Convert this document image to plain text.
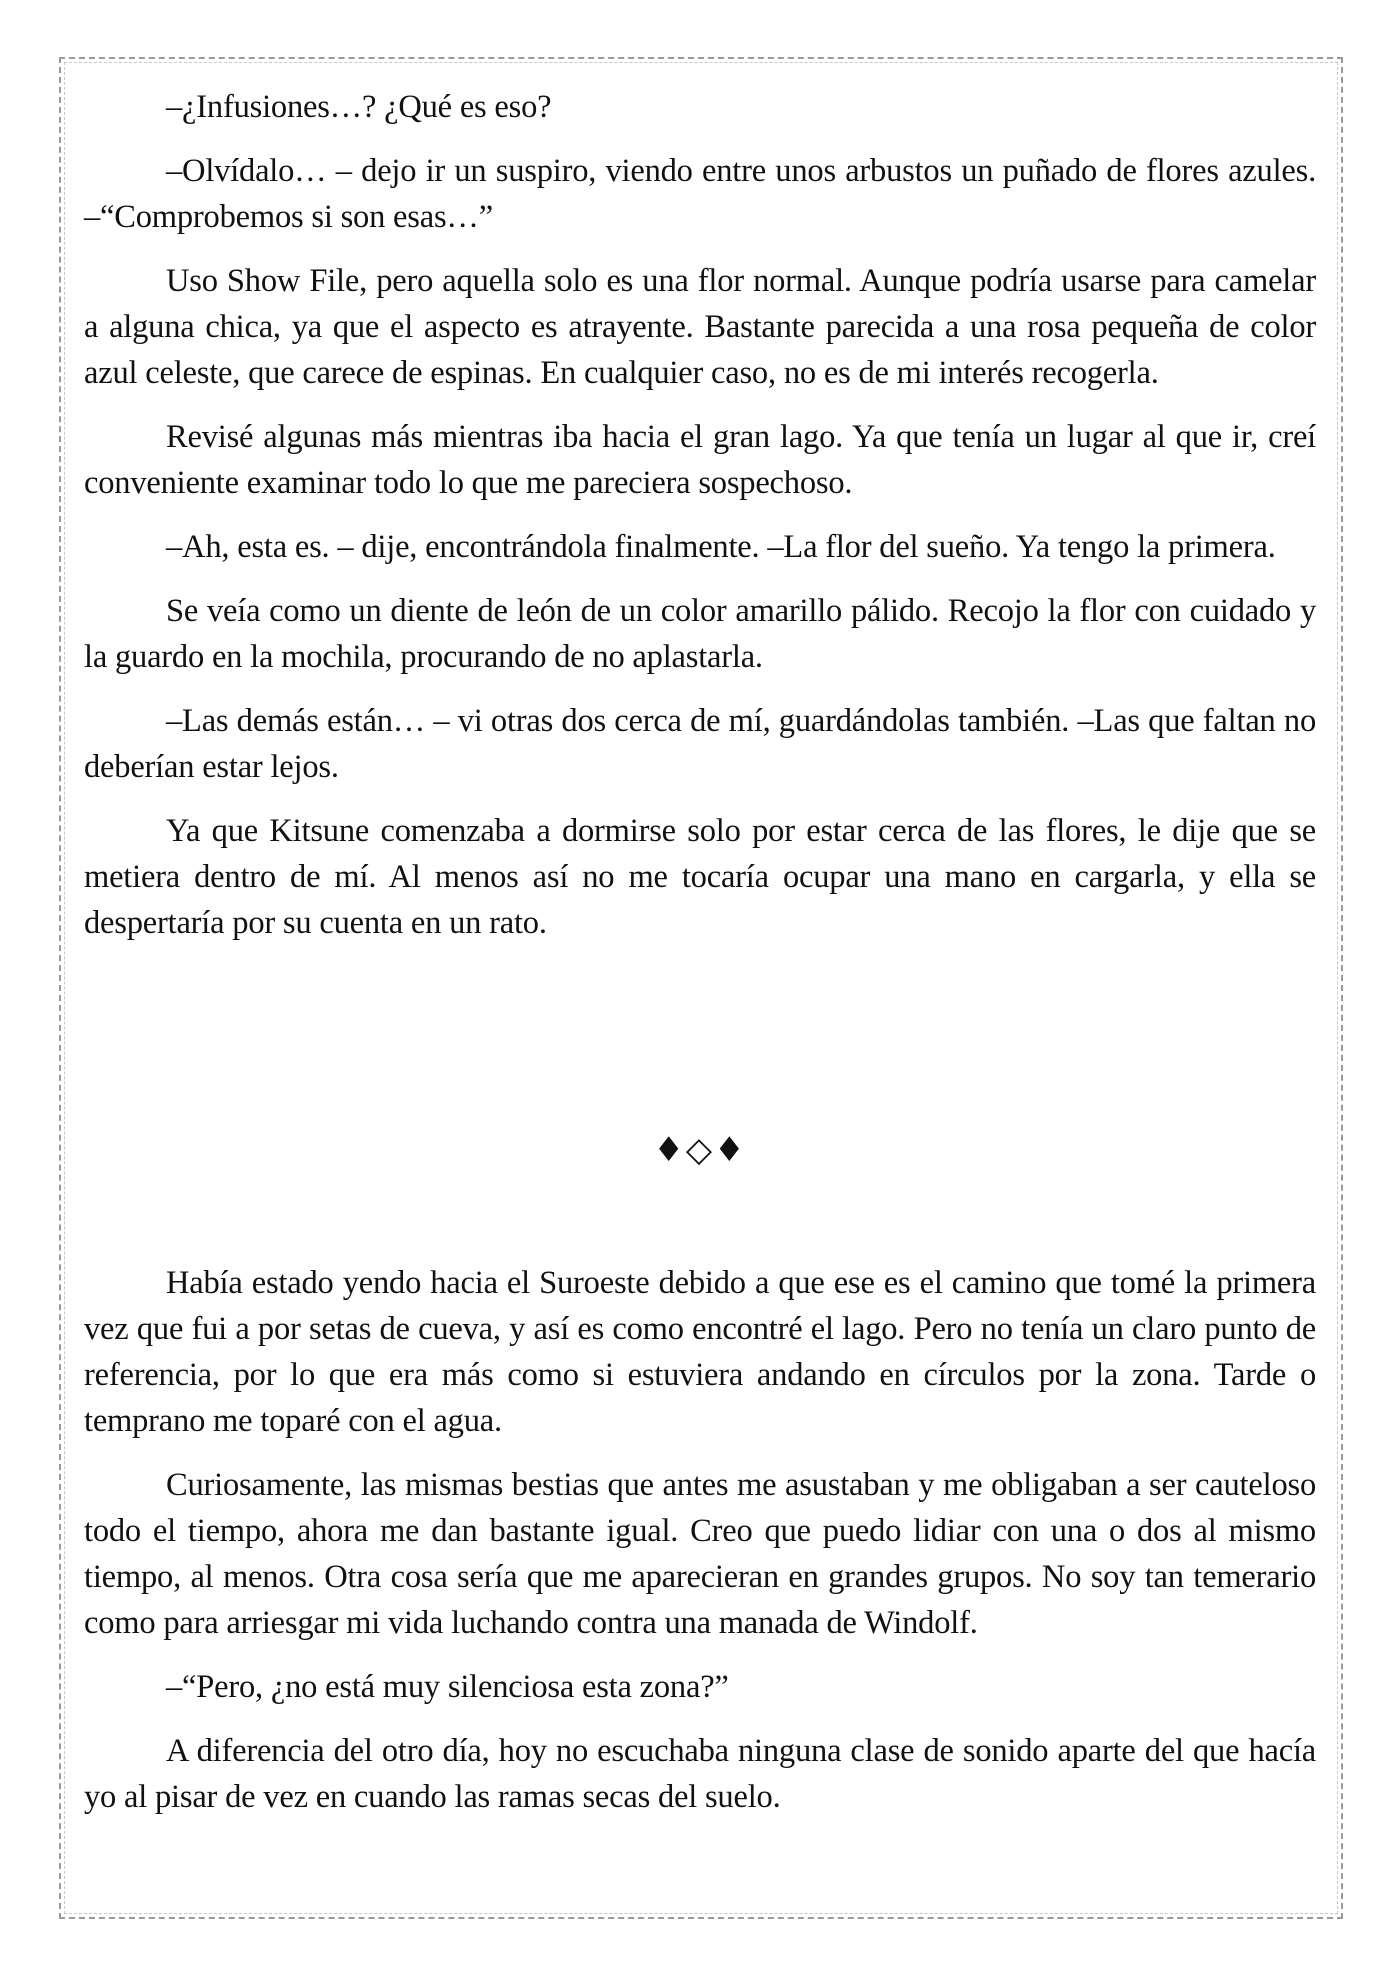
–¿Infusiones…? ¿Qué es eso?

–Olvídalo… – dejo ir un suspiro, viendo entre unos arbustos un puñado de flores azules. –“Comprobemos si son esas…”

Uso Show File, pero aquella solo es una flor normal. Aunque podría usarse para camelar a alguna chica, ya que el aspecto es atrayente. Bastante parecida a una rosa pequeña de color azul celeste, que carece de espinas. En cualquier caso, no es de mi interés recogerla.

Revisé algunas más mientras iba hacia el gran lago. Ya que tenía un lugar al que ir, creí conveniente examinar todo lo que me pareciera sospechoso.

–Ah, esta es. – dije, encontrándola finalmente. –La flor del sueño. Ya tengo la primera.

Se veía como un diente de león de un color amarillo pálido. Recojo la flor con cuidado y la guardo en la mochila, procurando de no aplastarla.

–Las demás están… – vi otras dos cerca de mí, guardándolas también. –Las que faltan no deberían estar lejos.

Ya que Kitsune comenzaba a dormirse solo por estar cerca de las flores, le dije que se metiera dentro de mí. Al menos así no me tocaría ocupar una mano en cargarla, y ella se despertaría por su cuenta en un rato.

♦◇♦

Había estado yendo hacia el Suroeste debido a que ese es el camino que tomé la primera vez que fui a por setas de cueva, y así es como encontré el lago. Pero no tenía un claro punto de referencia, por lo que era más como si estuviera andando en círculos por la zona. Tarde o temprano me toparé con el agua.

Curiosamente, las mismas bestias que antes me asustaban y me obligaban a ser cauteloso todo el tiempo, ahora me dan bastante igual. Creo que puedo lidiar con una o dos al mismo tiempo, al menos. Otra cosa sería que me aparecieran en grandes grupos. No soy tan temerario como para arriesgar mi vida luchando contra una manada de Windolf.

–“Pero, ¿no está muy silenciosa esta zona?”

A diferencia del otro día, hoy no escuchaba ninguna clase de sonido aparte del que hacía yo al pisar de vez en cuando las ramas secas del suelo.
